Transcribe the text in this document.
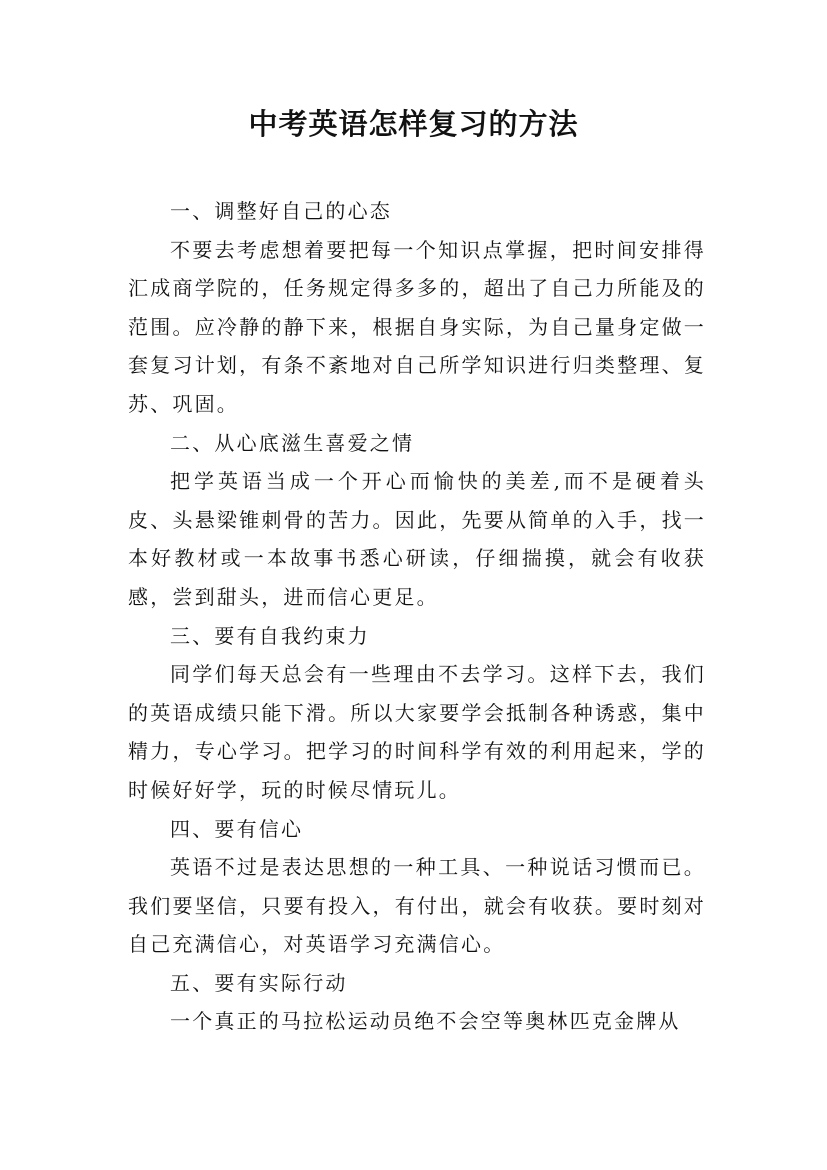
中考英语怎样复习的方法

一、调整好自己的心态

不要去考虑想着要把每一个知识点掌握，把时间安排得汇成商学院的，任务规定得多多的，超出了自己力所能及的范围。应冷静的静下来，根据自身实际，为自己量身定做一套复习计划，有条不紊地对自己所学知识进行归类整理、复苏、巩固。

二、从心底滋生喜爱之情

把学英语当成一个开心而愉快的美差,而不是硬着头皮、头悬梁锥刺骨的苦力。因此，先要从简单的入手，找一本好教材或一本故事书悉心研读，仔细揣摸，就会有收获感，尝到甜头，进而信心更足。

三、要有自我约束力

同学们每天总会有一些理由不去学习。这样下去，我们的英语成绩只能下滑。所以大家要学会抵制各种诱惑，集中精力，专心学习。把学习的时间科学有效的利用起来，学的时候好好学，玩的时候尽情玩儿。

四、要有信心

英语不过是表达思想的一种工具、一种说话习惯而已。我们要坚信，只要有投入，有付出，就会有收获。要时刻对自己充满信心，对英语学习充满信心。

五、要有实际行动

一个真正的马拉松运动员绝不会空等奥林匹克金牌从
